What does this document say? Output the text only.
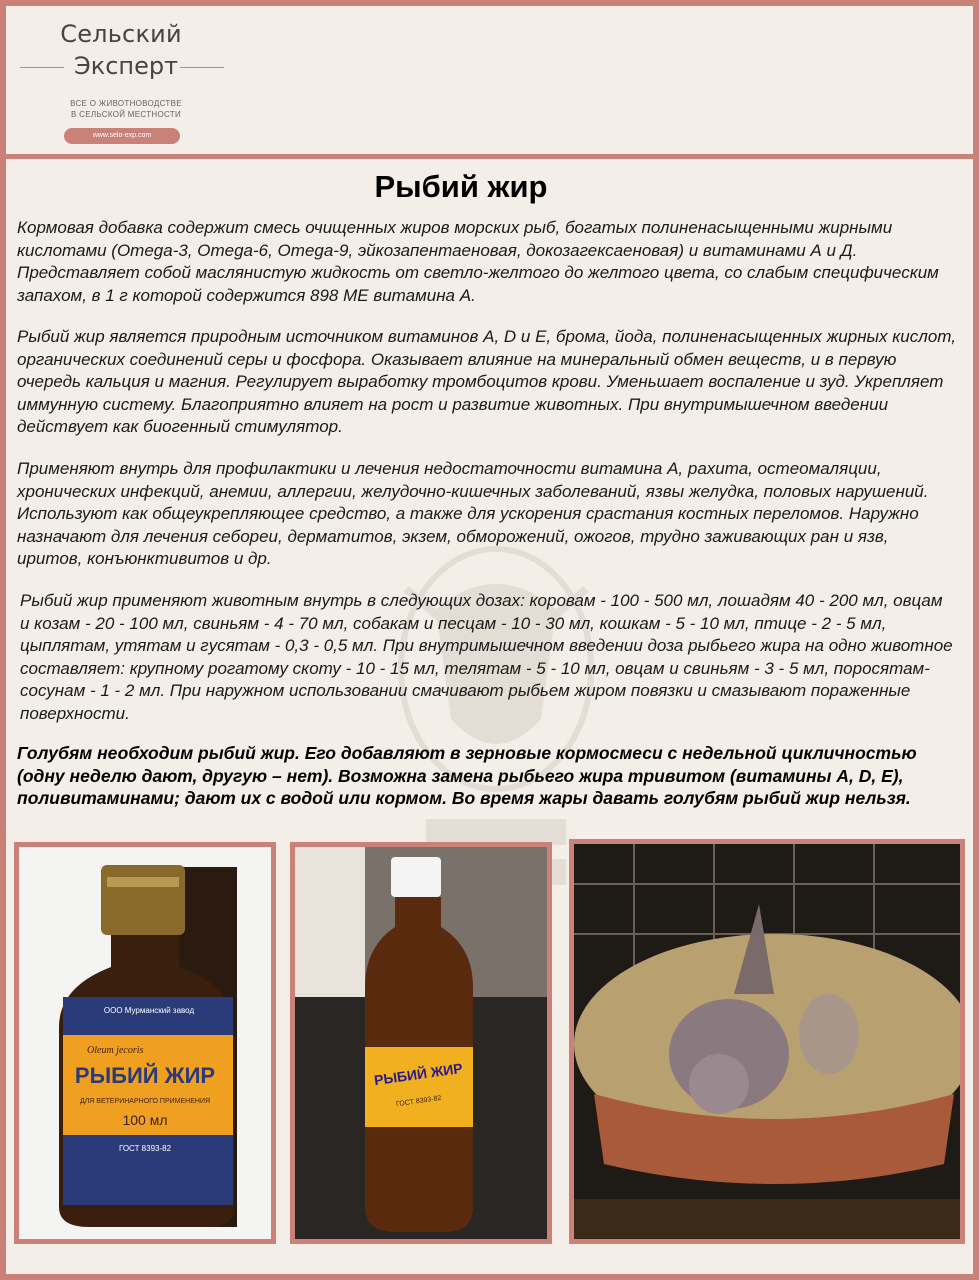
Сельский
Эксперт
ВСЕ О ЖИВОТНОВОДСТВЕ
В СЕЛЬСКОЙ МЕСТНОСТИ
www.selo-exp.com
Рыбий жир

Кормовая добавка содержит смесь очищенных жиров морских рыб, богатых полиненасыщенными жирными кислотами (Omega-3, Omega-6, Omega-9, эйкозапентаеновая, докозагексаеновая) и витаминами А и Д. Представляет собой маслянистую жидкость от светло-желтого до желтого цвета, со слабым специфическим запахом, в 1 г которой содержится 898 МЕ витамина А.

Рыбий жир является природным источником витаминов A, D и E, брома, йода, полиненасыщенных жирных кислот, органических соединений серы и фосфора. Оказывает влияние на минеральный обмен веществ, и в первую очередь кальция и магния. Регулирует выработку тромбоцитов крови. Уменьшает воспаление и зуд. Укрепляет иммунную систему. Благоприятно влияет на рост и развитие животных. При внутримышечном введении действует как биогенный стимулятор.

Применяют внутрь для профилактики и лечения недостаточности витамина А, рахита, остеомаляции, хронических инфекций, анемии, аллергии, желудочно-кишечных заболеваний, язвы желудка, половых нарушений. Используют как общеукрепляющее средство, а также для ускорения срастания костных переломов. Наружно назначают для лечения себореи, дерматитов, экзем, обморожений, ожогов, трудно заживающих ран и язв, иритов, конъюнктивитов и др.

Рыбий жир применяют животным внутрь в следующих дозах: коровам - 100 - 500 мл, лошадям 40 - 200 мл, овцам и козам - 20 - 100 мл, свиньям - 4 - 70 мл, собакам и песцам - 10 - 30 мл, кошкам - 5 - 10 мл, птице - 2 - 5 мл, цыплятам, утятам и гусятам - 0,3 - 0,5 мл. При внутримышечном введении доза рыбьего жира на одно животное составляет: крупному рогатому скоту - 10 - 15 мл, телятам - 5 - 10 мл, овцам и свиньям - 3 - 5 мл, поросятам-сосунам - 1 - 2 мл. При наружном использовании смачивают рыбьем жиром повязки и смазывают пораженные поверхности.

Голубям необходим рыбий жир. Его добавляют в зерновые кормосмеси с недельной цикличностью (одну неделю дают, другую – нет). Возможна замена рыбьего жира тривитом (витамины A, D, E), поливитаминами; дают их с водой или кормом. Во время жары давать голубям рыбий жир нельзя.

ООО Мурманский завод
Oleum jecoris
РЫБИЙ ЖИР
ДЛЯ ВЕТЕРИНАРНОГО ПРИМЕНЕНИЯ
100 мл
ГОСТ 8393-82
РЫБИЙ ЖИР
ГОСТ 8393-82
